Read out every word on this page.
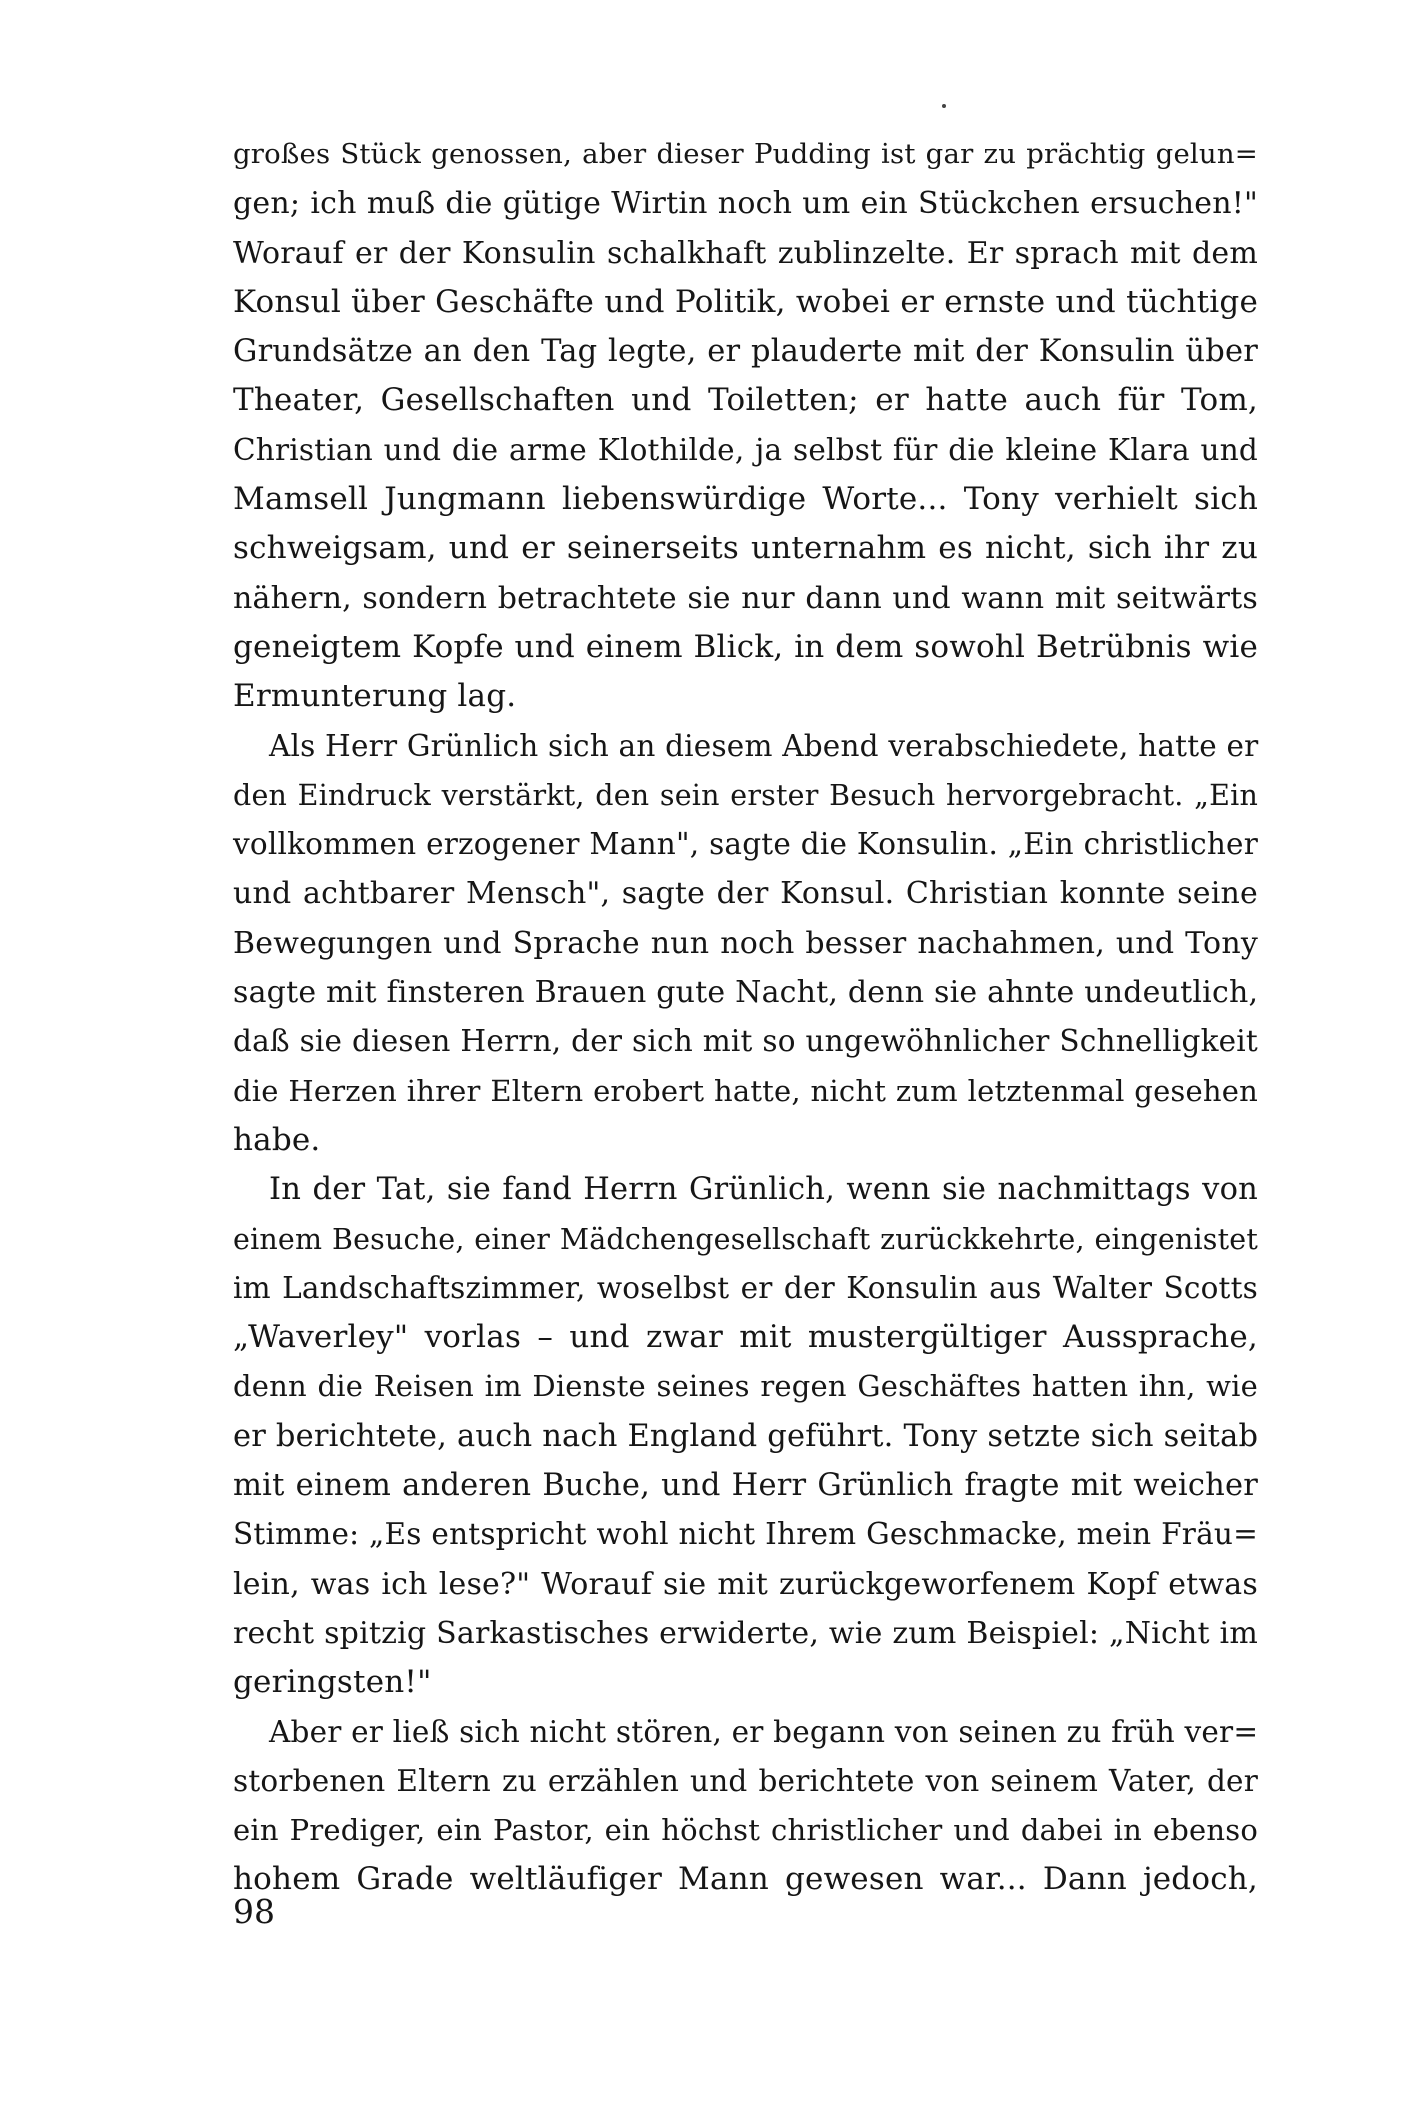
großes Stück genossen, aber dieser Pudding ist gar zu prächtig gelun=
gen; ich muß die gütige Wirtin noch um ein Stückchen ersuchen!"
Worauf er der Konsulin schalkhaft zublinzelte. Er sprach mit dem
Konsul über Geschäfte und Politik, wobei er ernste und tüchtige
Grundsätze an den Tag legte, er plauderte mit der Konsulin über
Theater, Gesellschaften und Toiletten; er hatte auch für Tom,
Christian und die arme Klothilde, ja selbst für die kleine Klara und
Mamsell Jungmann liebenswürdige Worte... Tony verhielt sich
schweigsam, und er seinerseits unternahm es nicht, sich ihr zu
nähern, sondern betrachtete sie nur dann und wann mit seitwärts
geneigtem Kopfe und einem Blick, in dem sowohl Betrübnis wie
Ermunterung lag.
Als Herr Grünlich sich an diesem Abend verabschiedete, hatte er
den Eindruck verstärkt, den sein erster Besuch hervorgebracht. „Ein
vollkommen erzogener Mann", sagte die Konsulin. „Ein christlicher
und achtbarer Mensch", sagte der Konsul. Christian konnte seine
Bewegungen und Sprache nun noch besser nachahmen, und Tony
sagte mit finsteren Brauen gute Nacht, denn sie ahnte undeutlich,
daß sie diesen Herrn, der sich mit so ungewöhnlicher Schnelligkeit
die Herzen ihrer Eltern erobert hatte, nicht zum letztenmal gesehen
habe.
In der Tat, sie fand Herrn Grünlich, wenn sie nachmittags von
einem Besuche, einer Mädchengesellschaft zurückkehrte, eingenistet
im Landschaftszimmer, woselbst er der Konsulin aus Walter Scotts
„Waverley" vorlas – und zwar mit mustergültiger Aussprache,
denn die Reisen im Dienste seines regen Geschäftes hatten ihn, wie
er berichtete, auch nach England geführt. Tony setzte sich seitab
mit einem anderen Buche, und Herr Grünlich fragte mit weicher
Stimme: „Es entspricht wohl nicht Ihrem Geschmacke, mein Fräu=
lein, was ich lese?" Worauf sie mit zurückgeworfenem Kopf etwas
recht spitzig Sarkastisches erwiderte, wie zum Beispiel: „Nicht im
geringsten!"
Aber er ließ sich nicht stören, er begann von seinen zu früh ver=
storbenen Eltern zu erzählen und berichtete von seinem Vater, der
ein Prediger, ein Pastor, ein höchst christlicher und dabei in ebenso
hohem Grade weltläufiger Mann gewesen war... Dann jedoch,
98
